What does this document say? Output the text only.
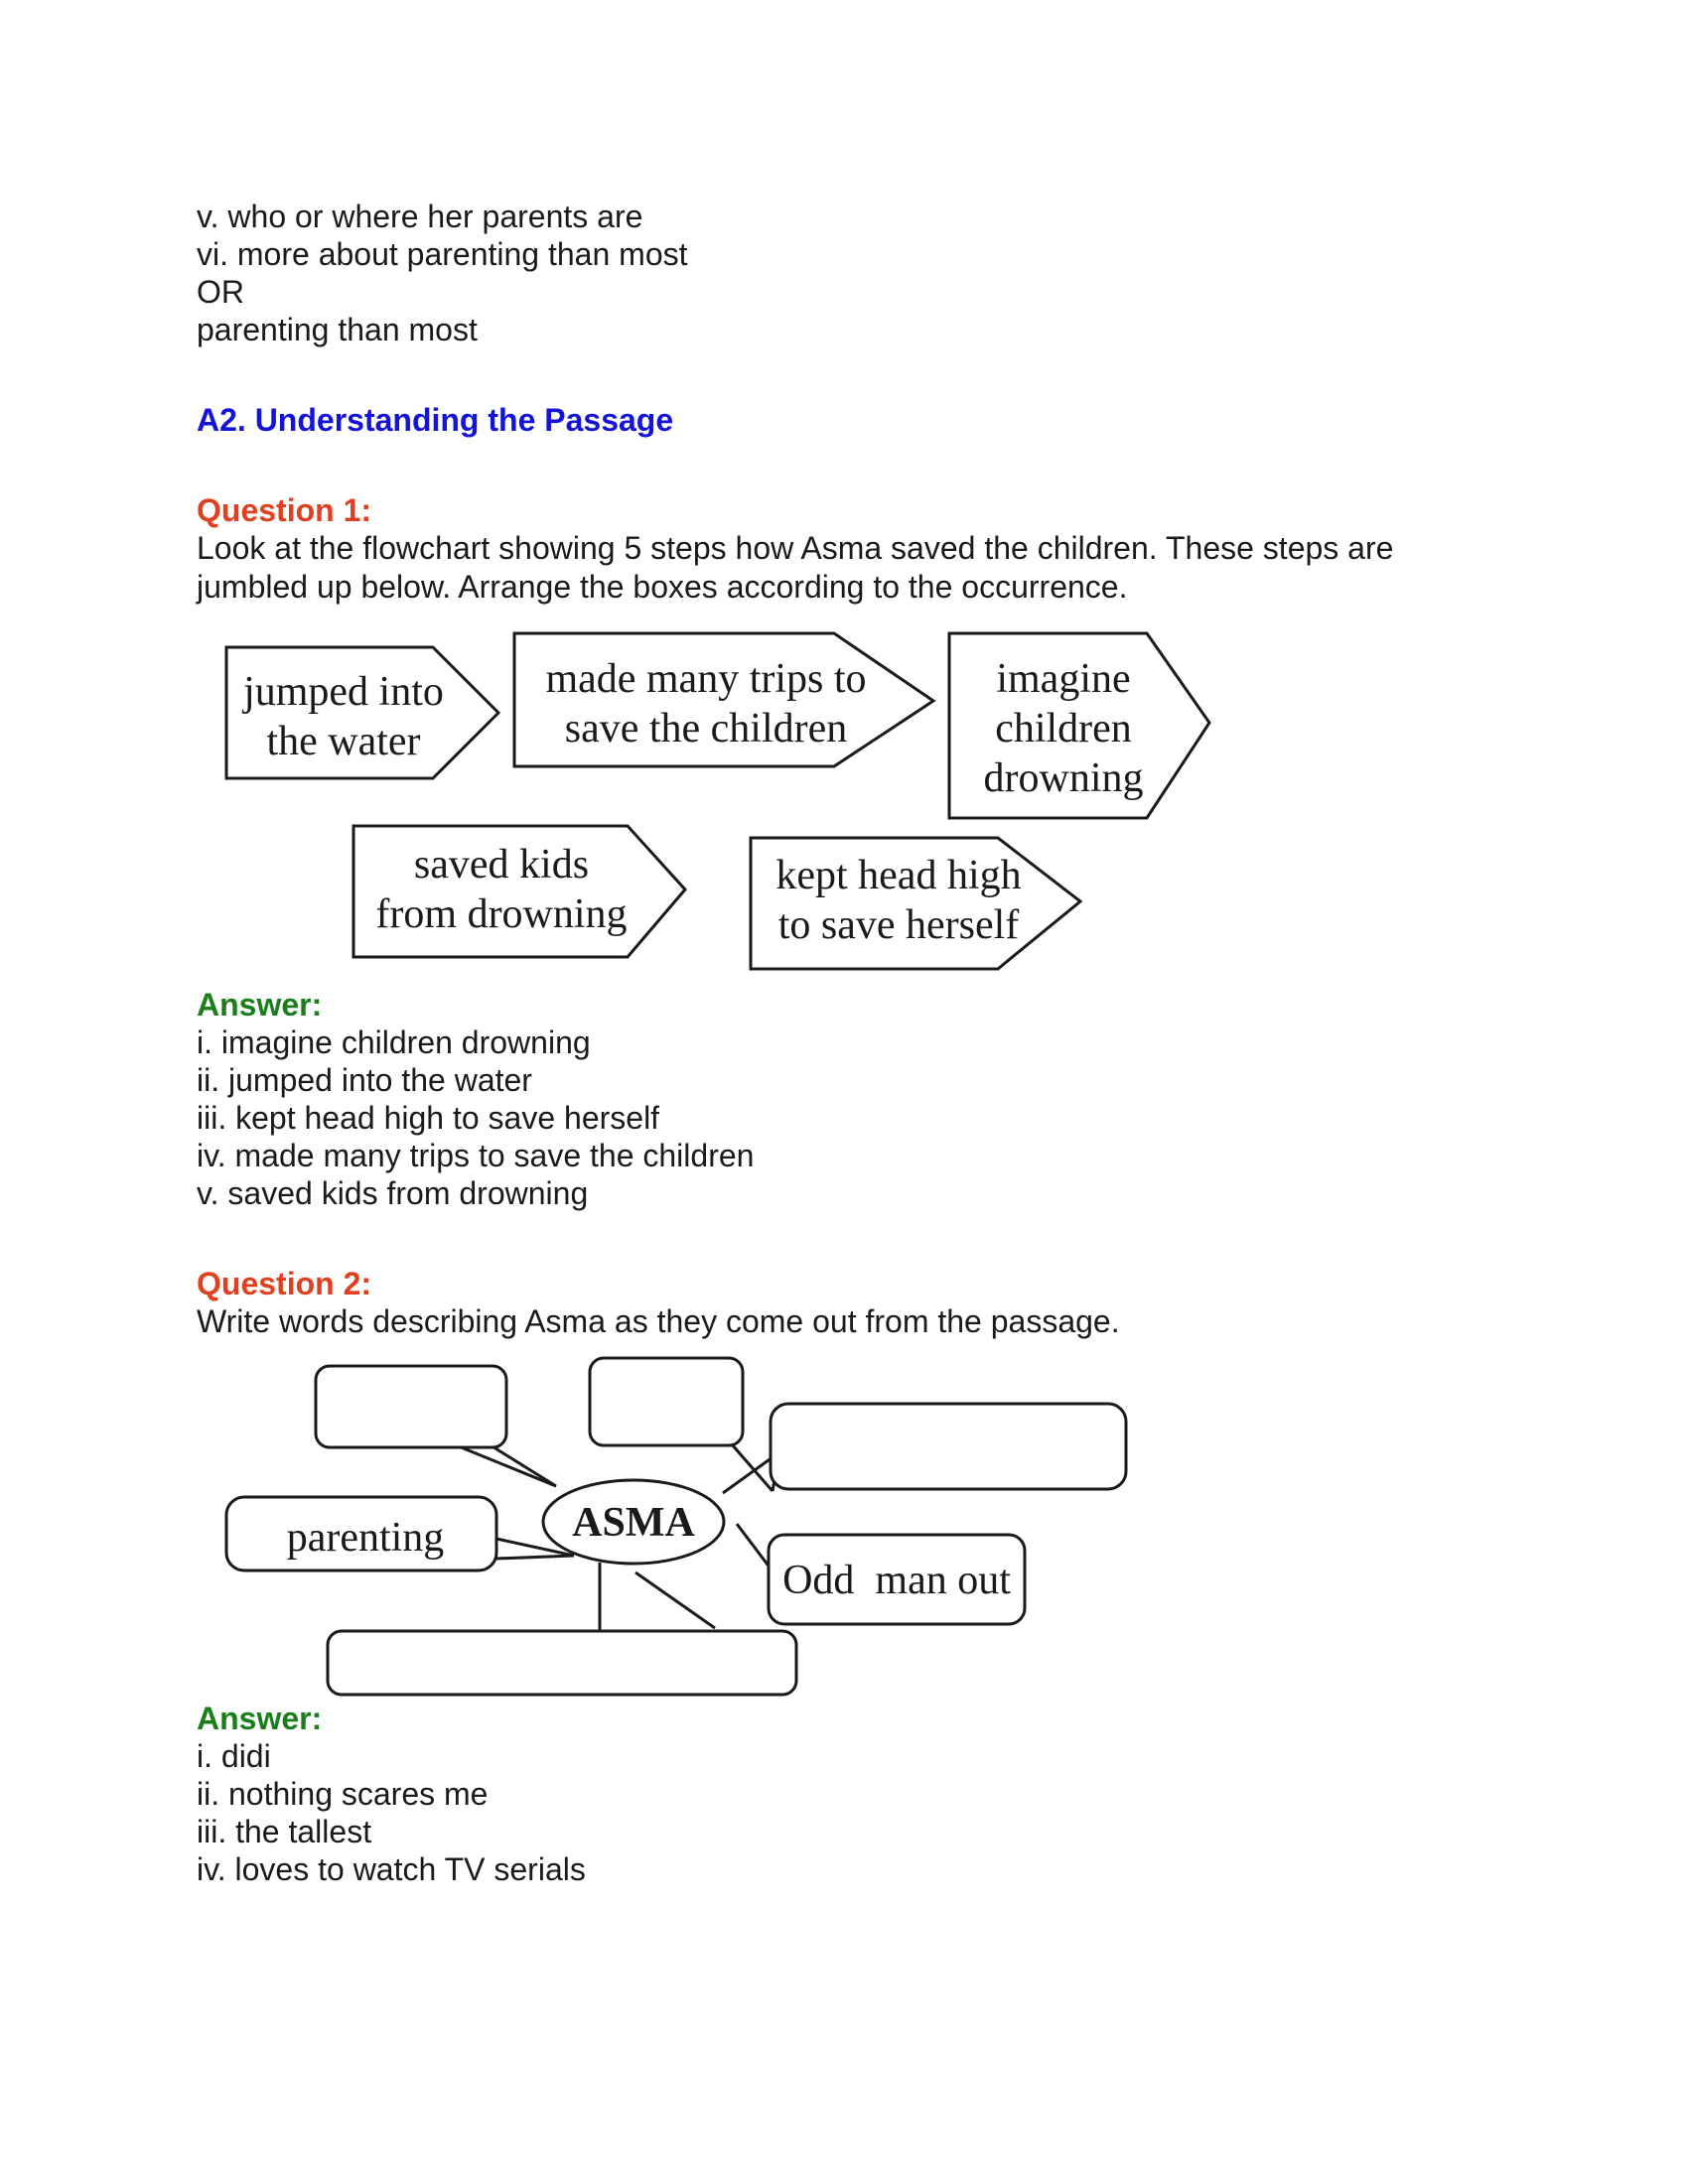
v. who or where her parents are
vi. more about parenting than most
OR
parenting than most
A2. Understanding the Passage
Question 1:
Look at the flowchart showing 5 steps how Asma saved the children. These steps are jumbled up below. Arrange the boxes according to the occurrence.
jumped into
the water
made many trips to
save the children
imagine
children
drowning
saved kids
from drowning
kept head high
to save herself
Answer:
i. imagine children drowning
ii. jumped into the water
iii. kept head high to save herself
iv. made many trips to save the children
v. saved kids from drowning
Question 2:
Write words describing Asma as they come out from the passage.
ASMA
parenting
Odd  man out
Answer:
i. didi
ii. nothing scares me
iii. the tallest
iv. loves to watch TV serials
